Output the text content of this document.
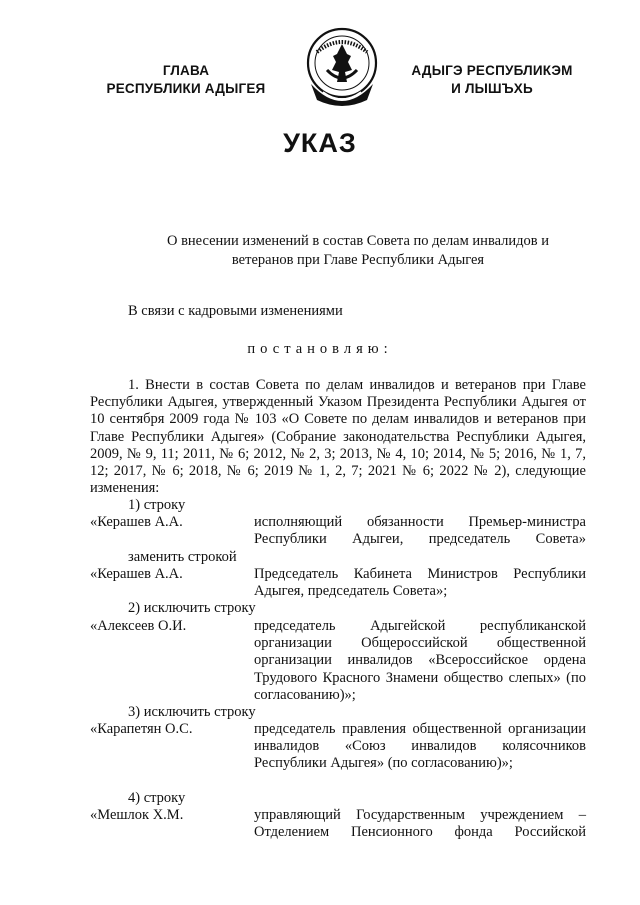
ГЛАВА
РЕСПУБЛИКИ АДЫГЕЯ
АДЫГЭ РЕСПУБЛИКЭМ
И ЛЫШЪХЬ
УКАЗ
О внесении изменений в состав Совета по делам инвалидов и ветеранов при Главе Республики Адыгея
В связи с кадровыми изменениями
постановляю:
1. Внести в состав Совета по делам инвалидов и ветеранов при Главе Республики Адыгея, утвержденный Указом Президента Республики Адыгея от 10 сентября 2009 года № 103 «О Совете по делам инвалидов и ветеранов при Главе Республики Адыгея» (Собрание законодательства Республики Адыгея, 2009, № 9, 11; 2011, № 6; 2012, № 2, 3; 2013, № 4, 10; 2014, № 5; 2016, № 1, 7, 12; 2017, № 6; 2018, № 6; 2019 № 1, 2, 7; 2021 № 6; 2022 № 2), следующие изменения:
1) строку
«Керашев А.А.	исполняющий обязанности Премьер-министра Республики Адыгеи, председатель Совета»
заменить строкой
«Керашев А.А.	Председатель Кабинета Министров Республики Адыгея, председатель Совета»;
2) исключить строку
«Алексеев О.И.	председатель Адыгейской республиканской организации Общероссийской общественной организации инвалидов «Всероссийское ордена Трудового Красного Знамени общество слепых» (по согласованию)»;
3) исключить строку
«Карапетян О.С.	председатель правления общественной организации инвалидов «Союз инвалидов колясочников Республики Адыгея» (по согласованию)»;
4) строку
«Мешлок Х.М.	управляющий Государственным учреждением – Отделением Пенсионного фонда Российской
